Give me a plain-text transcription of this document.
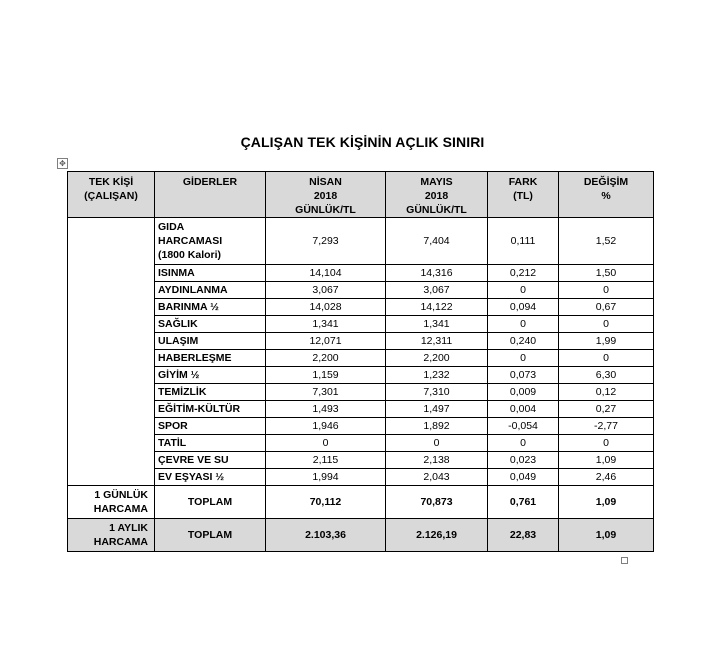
ÇALIŞAN TEK KİŞİNİN AÇLIK SINIRI
✥
TEK KİŞİ
(ÇALIŞAN)	GİDERLER	NİSAN
2018
GÜNLÜK/TL	MAYIS
2018
GÜNLÜK/TL	FARK
(TL)	DEĞİŞİM
%
	GIDA
HARCAMASI
(1800 Kalori)	7,293	7,404	0,111	1,52
	ISINMA	14,104	14,316	0,212	1,50
	AYDINLANMA	3,067	3,067	0	0
	BARINMA ½	14,028	14,122	0,094	0,67
	SAĞLIK	1,341	1,341	0	0
	ULAŞIM	12,071	12,311	0,240	1,99
	HABERLEŞME	2,200	2,200	0	0
	GİYİM ½	1,159	1,232	0,073	6,30
	TEMİZLİK	7,301	7,310	0,009	0,12
	EĞİTİM-KÜLTÜR	1,493	1,497	0,004	0,27
	SPOR	1,946	1,892	-0,054	-2,77
	TATİL	0	0	0	0
	ÇEVRE VE SU	2,115	2,138	0,023	1,09
	EV EŞYASI ½	1,994	2,043	0,049	2,46
1 GÜNLÜK
HARCAMA	TOPLAM	70,112	70,873	0,761	1,09
1 AYLIK
HARCAMA	TOPLAM	2.103,36	2.126,19	22,83	1,09
